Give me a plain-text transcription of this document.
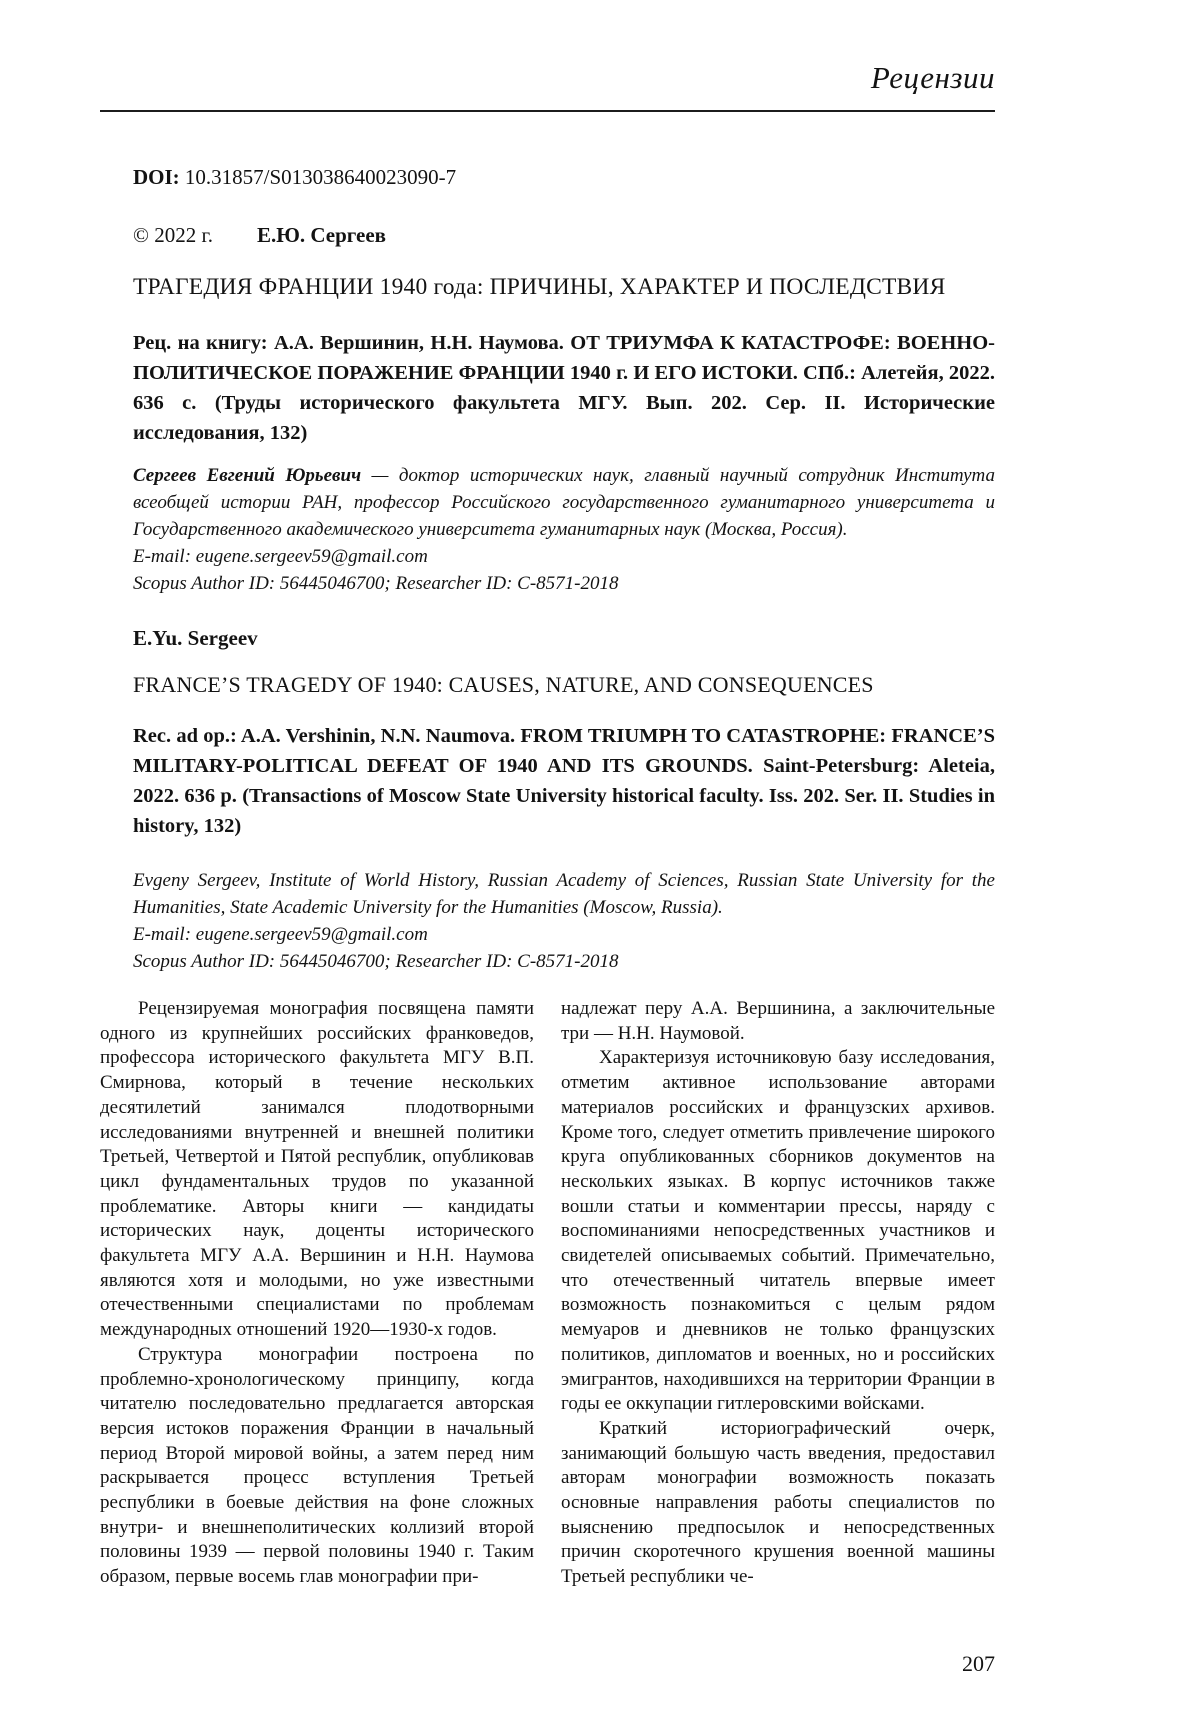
Рецензии

DOI: 10.31857/S013038640023090-7

© 2022 г. Е.Ю. Сергеев

ТРАГЕДИЯ ФРАНЦИИ 1940 года: ПРИЧИНЫ, ХАРАКТЕР И ПОСЛЕДСТВИЯ

Рец. на книгу: А.А. Вершинин, Н.Н. Наумова. ОТ ТРИУМФА К КАТАСТРОФЕ: ВОЕННО-ПОЛИТИЧЕСКОЕ ПОРАЖЕНИЕ ФРАНЦИИ 1940 г. И ЕГО ИСТОКИ. СПб.: Алетейя, 2022. 636 с. (Труды исторического факультета МГУ. Вып. 202. Сер. II. Исторические исследования, 132)

Сергеев Евгений Юрьевич — доктор исторических наук, главный научный сотрудник Института всеобщей истории РАН, профессор Российского государственного гуманитарного университета и Государственного академического университета гуманитарных наук (Москва, Россия).

E-mail: eugene.sergeev59@gmail.com

Scopus Author ID: 56445046700; Researcher ID: C-8571-2018

E.Yu. Sergeev

FRANCE’S TRAGEDY OF 1940: CAUSES, NATURE, AND CONSEQUENCES

Rec. ad op.: A.A. Vershinin, N.N. Naumova. FROM TRIUMPH TO CATASTROPHE: FRANCE’S MILITARY-POLITICAL DEFEAT OF 1940 AND ITS GROUNDS. Saint-Petersburg: Aleteia, 2022. 636 p. (Transactions of Moscow State University historical faculty. Iss. 202. Ser. II. Studies in history, 132)

Evgeny Sergeev, Institute of World History, Russian Academy of Sciences, Russian State University for the Humanities, State Academic University for the Humanities (Moscow, Russia).

E-mail: eugene.sergeev59@gmail.com

Scopus Author ID: 56445046700; Researcher ID: C-8571-2018

Рецензируемая монография посвящена памяти одного из крупнейших российских франковедов, профессора исторического факультета МГУ В.П. Смирнова, который в течение нескольких десятилетий занимался плодотворными исследованиями внутренней и внешней политики Третьей, Четвертой и Пятой республик, опубликовав цикл фундаментальных трудов по указанной проблематике. Авторы книги — кандидаты исторических наук, доценты исторического факультета МГУ А.А. Вершинин и Н.Н. Наумова являются хотя и молодыми, но уже известными отечественными специалистами по проблемам международных отношений 1920—1930-х годов.

Структура монографии построена по проблемно-хронологическому принципу, когда читателю последовательно предлагается авторская версия истоков поражения Франции в начальный период Второй мировой войны, а затем перед ним раскрывается процесс вступления Третьей республики в боевые действия на фоне сложных внутри- и внешнеполитических коллизий второй половины 1939 — первой половины 1940 г. Таким образом, первые восемь глав монографии при-

надлежат перу А.А. Вершинина, а заключительные три — Н.Н. Наумовой.

Характеризуя источниковую базу исследования, отметим активное использование авторами материалов российских и французских архивов. Кроме того, следует отметить привлечение широкого круга опубликованных сборников документов на нескольких языках. В корпус источников также вошли статьи и комментарии прессы, наряду с воспоминаниями непосредственных участников и свидетелей описываемых событий. Примечательно, что отечественный читатель впервые имеет возможность познакомиться с целым рядом мемуаров и дневников не только французских политиков, дипломатов и военных, но и российских эмигрантов, находившихся на территории Франции в годы ее оккупации гитлеровскими войсками.

Краткий историографический очерк, занимающий большую часть введения, предоставил авторам монографии возможность показать основные направления работы специалистов по выяснению предпосылок и непосредственных причин скоротечного крушения военной машины Третьей республики че-

207
